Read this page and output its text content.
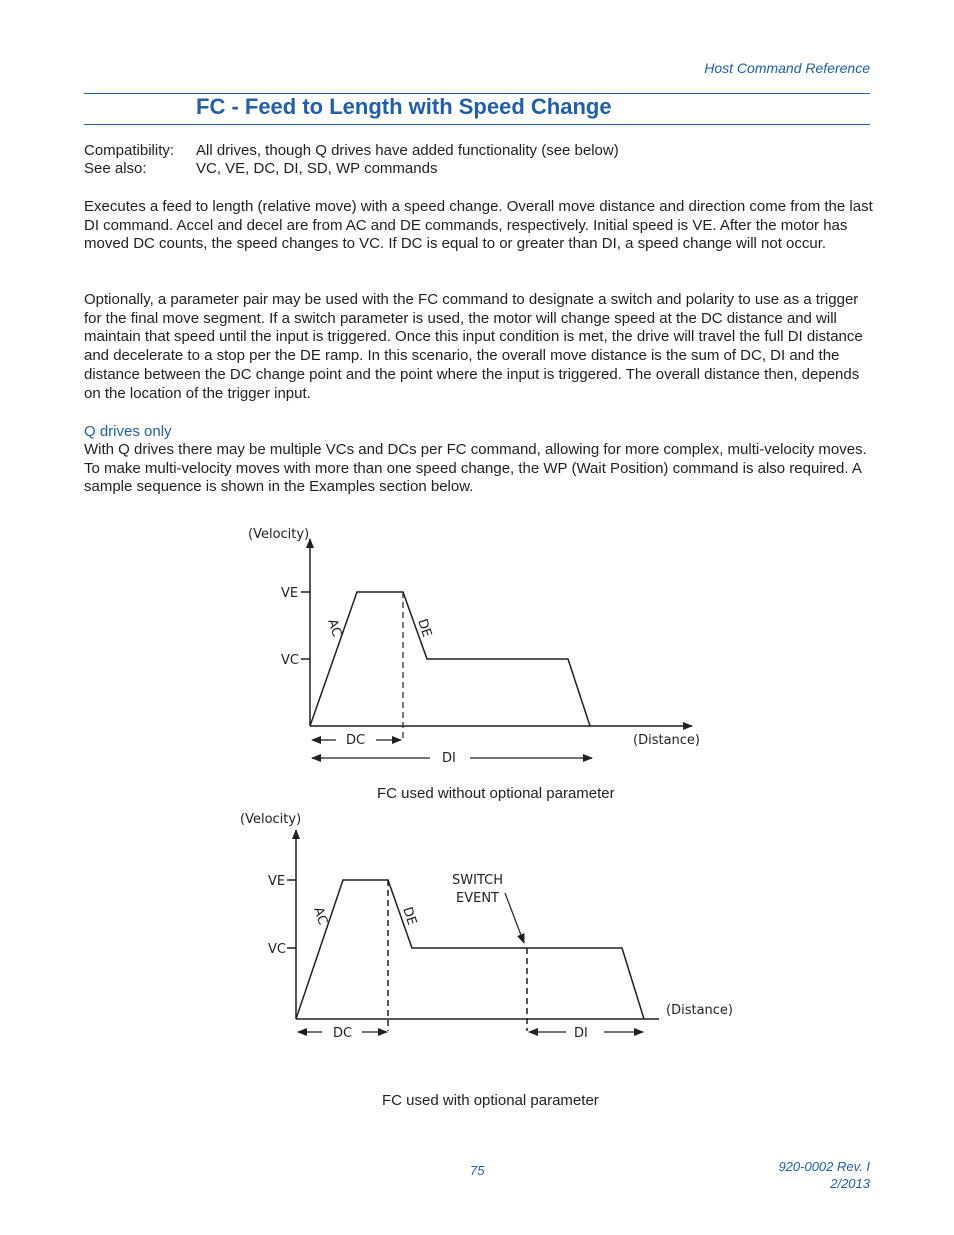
Host Command Reference
FC - Feed to Length with Speed Change
Compatibility: All drives, though Q drives have added functionality (see below)
See also:	VC, VE, DC, DI, SD, WP commands

Executes a feed to length (relative move) with a speed change. Overall move distance and direction come from the last DI command. Accel and decel are from AC and DE commands, respectively. Initial speed is VE. After the motor has moved DC counts, the speed changes to VC. If DC is equal to or greater than DI, a speed change will not occur.

Optionally, a parameter pair may be used with the FC command to designate a switch and polarity to use as a trigger for the final move segment. If a switch parameter is used, the motor will change speed at the DC distance and will maintain that speed until the input is triggered. Once this input condition is met, the drive will travel the full DI distance and decelerate to a stop per the DE ramp. In this scenario, the overall move distance is the sum of DC, DI and the distance between the DC change point and the point where the input is triggered. The overall distance then, depends on the location of the trigger input.

Q drives only

With Q drives there may be multiple VCs and DCs per FC command, allowing for more complex, multi-velocity moves. To make multi-velocity moves with more than one speed change, the WP (Wait Position) command is also required. A sample sequence is shown in the Examples section below.

(Velocity)
VE
VC
AC	DE
DC
DI
(Distance)
(Velocity)
VE
VC
AC	DE
SWITCH
EVENT
DC	DI
(Distance)
FC used without optional parameter
FC used with optional parameter
75	920-0002 Rev. I
2/2013
